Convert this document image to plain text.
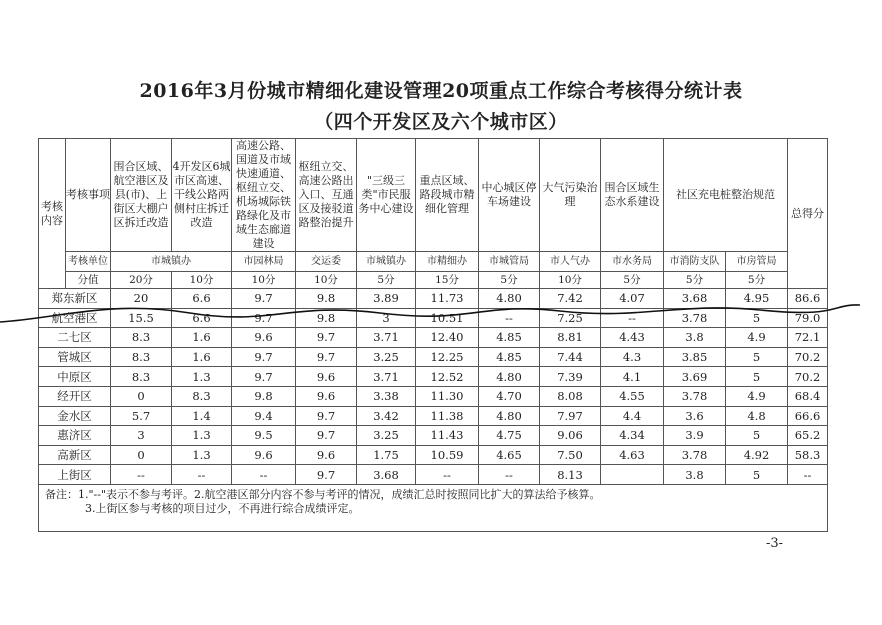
2016年3月份城市精细化建设管理20项重点工作综合考核得分统计表
（四个开发区及六个城市区）
考核内容	考核事项	围合区域、航空港区及县(市)、上街区大棚户区拆迁改造	4开发区6城市区高速、干线公路两侧村庄拆迁改造	高速公路、国道及市域快速通道、枢纽立交、机场城际铁路绿化及市域生态廊道建设	枢纽立交、高速公路出入口、互通区及接驳道路整治提升	"三级三类"市民服务中心建设	重点区域、路段城市精细化管理	中心城区停车场建设	大气污染治理	围合区域生态水系建设	社区充电桩整治规范		总得分
	考核单位	市城镇办		市园林局	交运委	市城镇办	市精细办	市城管局	市人气办	市水务局	市消防支队	市房管局	
	分值	20分	10分	10分	10分	5分	15分	5分	10分	5分	5分	5分	
郑东新区		20	6.6	9.7	9.8	3.89	11.73	4.80	7.42	4.07	3.68	4.95	86.6
航空港区		15.5	6.6	9.7	9.8	3	10.51	--	7.25	--	3.78	5	79.0
二七区		8.3	1.6	9.6	9.7	3.71	12.40	4.85	8.81	4.43	3.8	4.9	72.1
管城区		8.3	1.6	9.7	9.7	3.25	12.25	4.85	7.44	4.3	3.85	5	70.2
中原区		8.3	1.3	9.7	9.6	3.71	12.52	4.80	7.39	4.1	3.69	5	70.2
经开区		0	8.3	9.8	9.6	3.38	11.30	4.70	8.08	4.55	3.78	4.9	68.4
金水区		5.7	1.4	9.4	9.7	3.42	11.38	4.80	7.97	4.4	3.6	4.8	66.6
惠济区		3	1.3	9.5	9.7	3.25	11.43	4.75	9.06	4.34	3.9	5	65.2
高新区		0	1.3	9.6	9.6	1.75	10.59	4.65	7.50	4.63	3.78	4.92	58.3
上街区		--	--	--	9.7	3.68	--	--	8.13		3.8	5	--

备注：1."--"表示不参与考评。2.航空港区部分内容不参与考评的情况，成绩汇总时按照同比扩大的算法给予核算。
3.上街区参与考核的项目过少，不再进行综合成绩评定。													
-3-
